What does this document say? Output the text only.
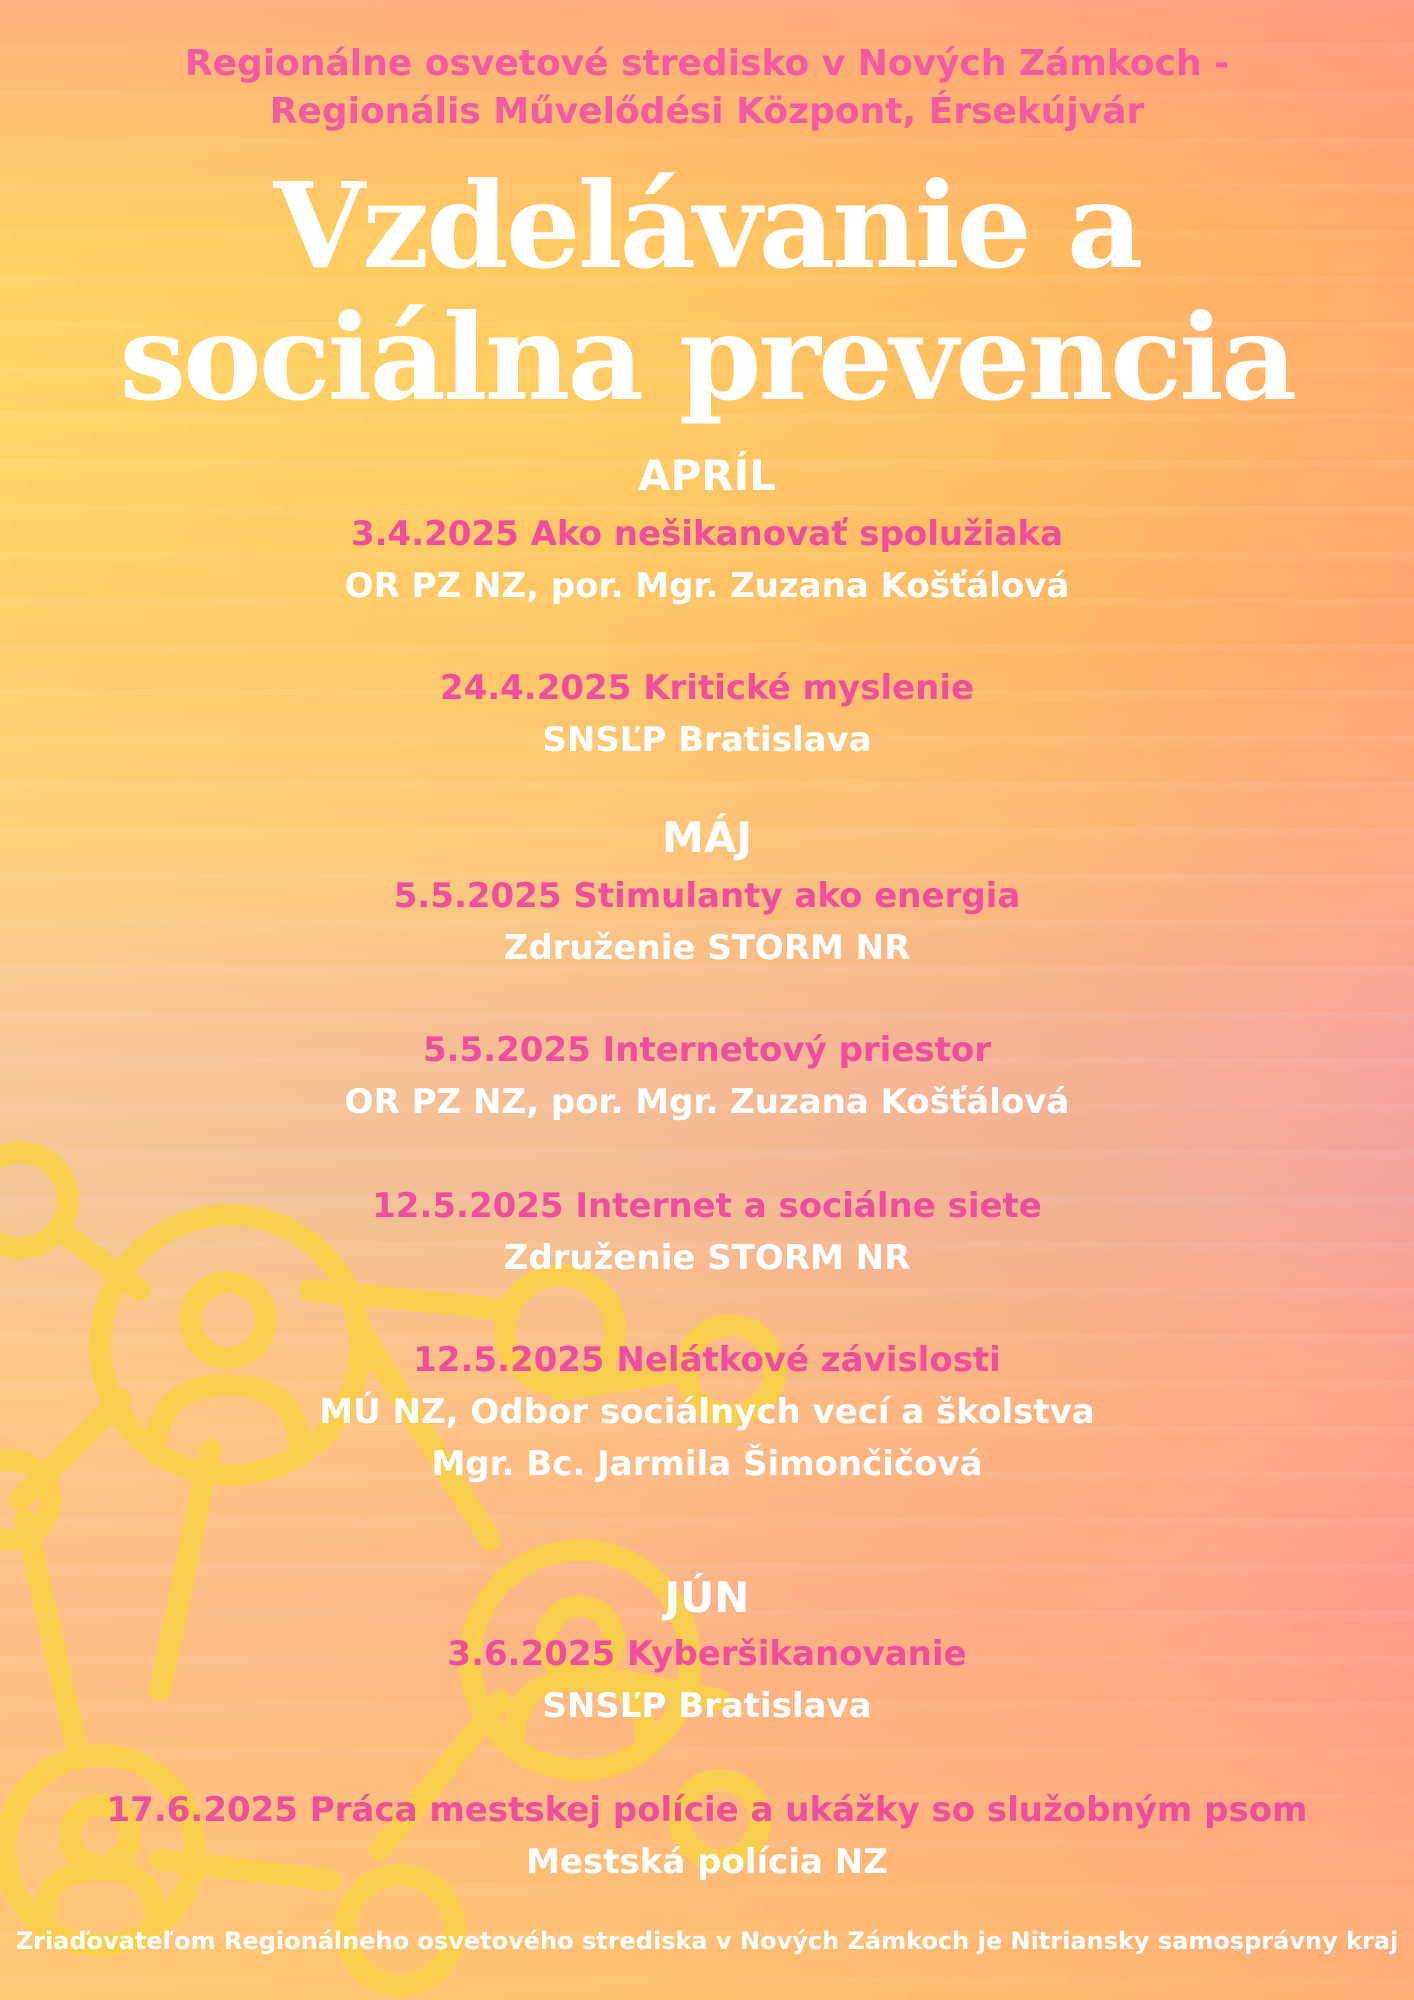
Regionálne osvetové stredisko v Nových Zámkoch -
Regionális Művelődési Központ, Érsekújvár
Vzdelávanie a
sociálna prevencia
APRÍL
3.4.2025 Ako nešikanovať spolužiaka
OR PZ NZ, por. Mgr. Zuzana Košťálová
24.4.2025 Kritické myslenie
SNSĽP Bratislava
MÁJ
5.5.2025 Stimulanty ako energia
Združenie STORM NR
5.5.2025 Internetový priestor
OR PZ NZ, por. Mgr. Zuzana Košťálová
12.5.2025 Internet a sociálne siete
Združenie STORM NR
12.5.2025 Nelátkové závislosti
MÚ NZ, Odbor sociálnych vecí a školstva
Mgr. Bc. Jarmila Šimončičová
JÚN
3.6.2025 Kyberšikanovanie
SNSĽP Bratislava
17.6.2025 Práca mestskej polície a ukážky so služobným psom
Mestská polícia NZ
Zriaďovateľom Regionálneho osvetového strediska v Nových Zámkoch je Nitriansky samosprávny kraj
